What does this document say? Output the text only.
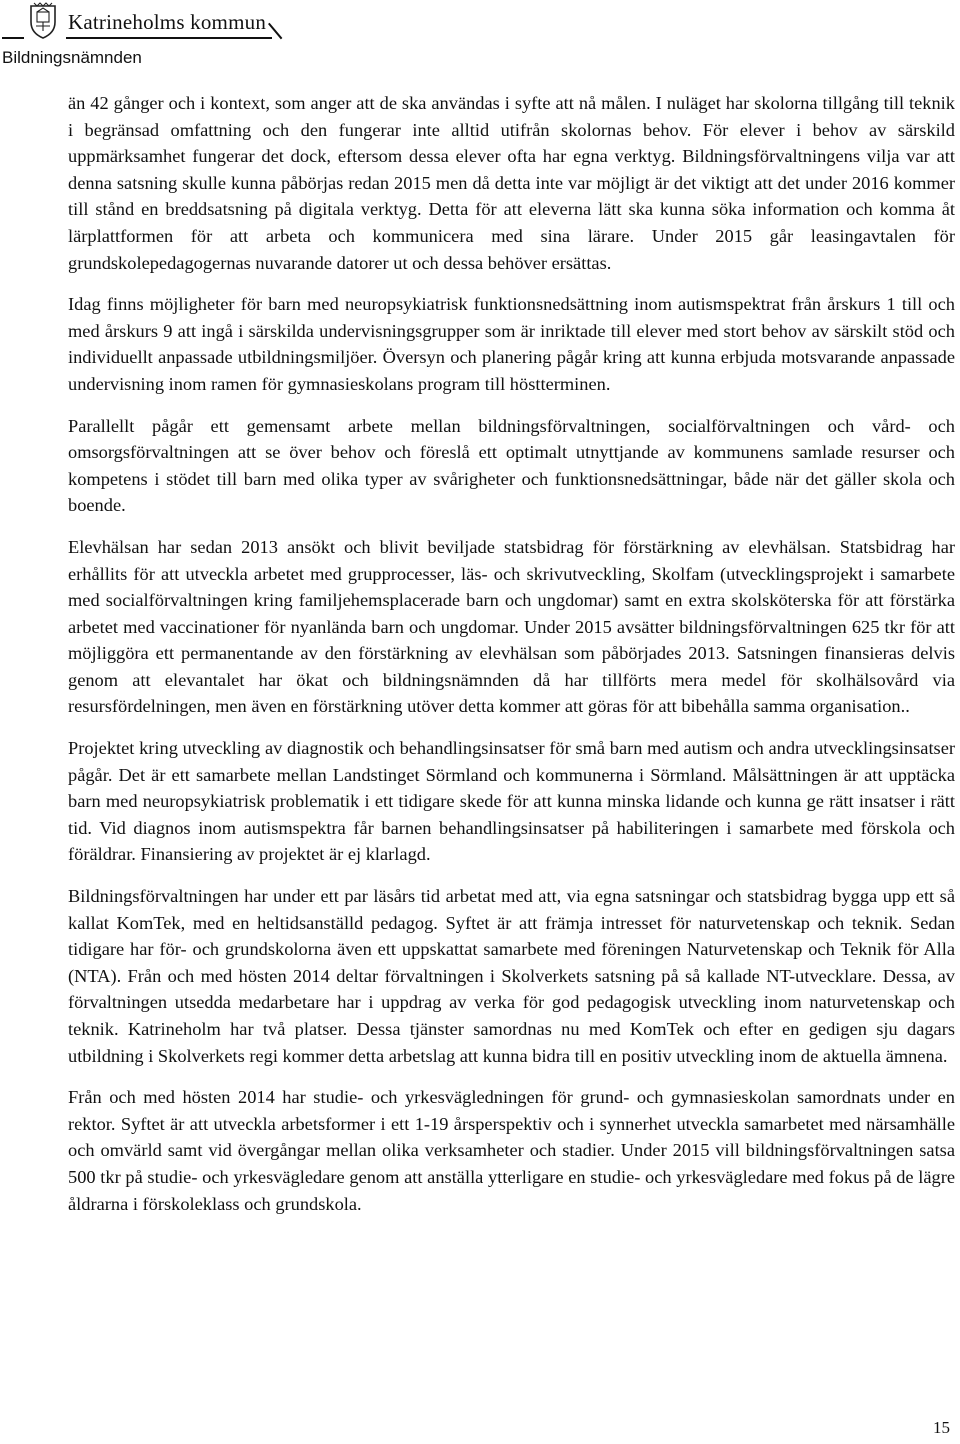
Katrineholms kommun
Bildningsnämnden

än 42 gånger och i kontext, som anger att de ska användas i syfte att nå målen. I nuläget har skolorna tillgång till teknik i begränsad omfattning och den fungerar inte alltid utifrån skolornas behov. För elever i behov av särskild uppmärksamhet fungerar det dock, eftersom dessa elever ofta har egna verktyg. Bildningsförvaltningens vilja var att denna satsning skulle kunna påbörjas redan 2015 men då detta inte var möjligt är det viktigt att det under 2016 kommer till stånd en breddsatsning på digitala verktyg. Detta för att eleverna lätt ska kunna söka information och komma åt lärplattformen för att arbeta och kommunicera med sina lärare. Under 2015 går leasingavtalen för grundskolepedagogernas nuvarande datorer ut och dessa behöver ersättas.

Idag finns möjligheter för barn med neuropsykiatrisk funktionsnedsättning inom autismspektrat från årskurs 1 till och med årskurs 9 att ingå i särskilda undervisningsgrupper som är inriktade till elever med stort behov av särskilt stöd och individuellt anpassade utbildningsmiljöer. Översyn och planering pågår kring att kunna erbjuda motsvarande anpassade undervisning inom ramen för gymnasieskolans program till höstterminen.

Parallellt pågår ett gemensamt arbete mellan bildningsförvaltningen, socialförvaltningen och vård- och omsorgsförvaltningen att se över behov och föreslå ett optimalt utnyttjande av kommunens samlade resurser och kompetens i stödet till barn med olika typer av svårigheter och funktionsnedsättningar, både när det gäller skola och boende.

Elevhälsan har sedan 2013 ansökt och blivit beviljade statsbidrag för förstärkning av elevhälsan. Statsbidrag har erhållits för att utveckla arbetet med grupprocesser, läs- och skrivutveckling, Skolfam (utvecklingsprojekt i samarbete med socialförvaltningen kring familjehemsplacerade barn och ungdomar) samt en extra skolsköterska för att förstärka arbetet med vaccinationer för nyanlända barn och ungdomar. Under 2015 avsätter bildningsförvaltningen 625 tkr för att möjliggöra ett permanentande av den förstärkning av elevhälsan som påbörjades 2013. Satsningen finansieras delvis genom att elevantalet har ökat och bildningsnämnden då har tillförts mera medel för skolhälsovård via resursfördelningen, men även en förstärkning utöver detta kommer att göras för att bibehålla samma organisation..

Projektet kring utveckling av diagnostik och behandlingsinsatser för små barn med autism och andra utvecklingsinsatser pågår. Det är ett samarbete mellan Landstinget Sörmland och kommunerna i Sörmland. Målsättningen är att upptäcka barn med neuropsykiatrisk problematik i ett tidigare skede för att kunna minska lidande och kunna ge rätt insatser i rätt tid. Vid diagnos inom autismspektra får barnen behandlingsinsatser på habiliteringen i samarbete med förskola och föräldrar. Finansiering av projektet är ej klarlagd.

Bildningsförvaltningen har under ett par läsårs tid arbetat med att, via egna satsningar och statsbidrag bygga upp ett så kallat KomTek, med en heltidsanställd pedagog. Syftet är att främja intresset för naturvetenskap och teknik. Sedan tidigare har för- och grundskolorna även ett uppskattat samarbete med föreningen Naturvetenskap och Teknik för Alla (NTA). Från och med hösten 2014 deltar förvaltningen i Skolverkets satsning på så kallade NT-utvecklare. Dessa, av förvaltningen utsedda medarbetare har i uppdrag av verka för god pedagogisk utveckling inom naturvetenskap och teknik. Katrineholm har två platser. Dessa tjänster samordnas nu med KomTek och efter en gedigen sju dagars utbildning i Skolverkets regi kommer detta arbetslag att kunna bidra till en positiv utveckling inom de aktuella ämnena.

Från och med hösten 2014 har studie- och yrkesvägledningen för grund- och gymnasieskolan samordnats under en rektor. Syftet är att utveckla arbetsformer i ett 1-19 årsperspektiv och i synnerhet utveckla samarbetet med närsamhälle och omvärld samt vid övergångar mellan olika verksamheter och stadier. Under 2015 vill bildningsförvaltningen satsa 500 tkr på studie- och yrkesvägledare genom att anställa ytterligare en studie- och yrkesvägledare med fokus på de lägre åldrarna i förskoleklass och grundskola.

15
